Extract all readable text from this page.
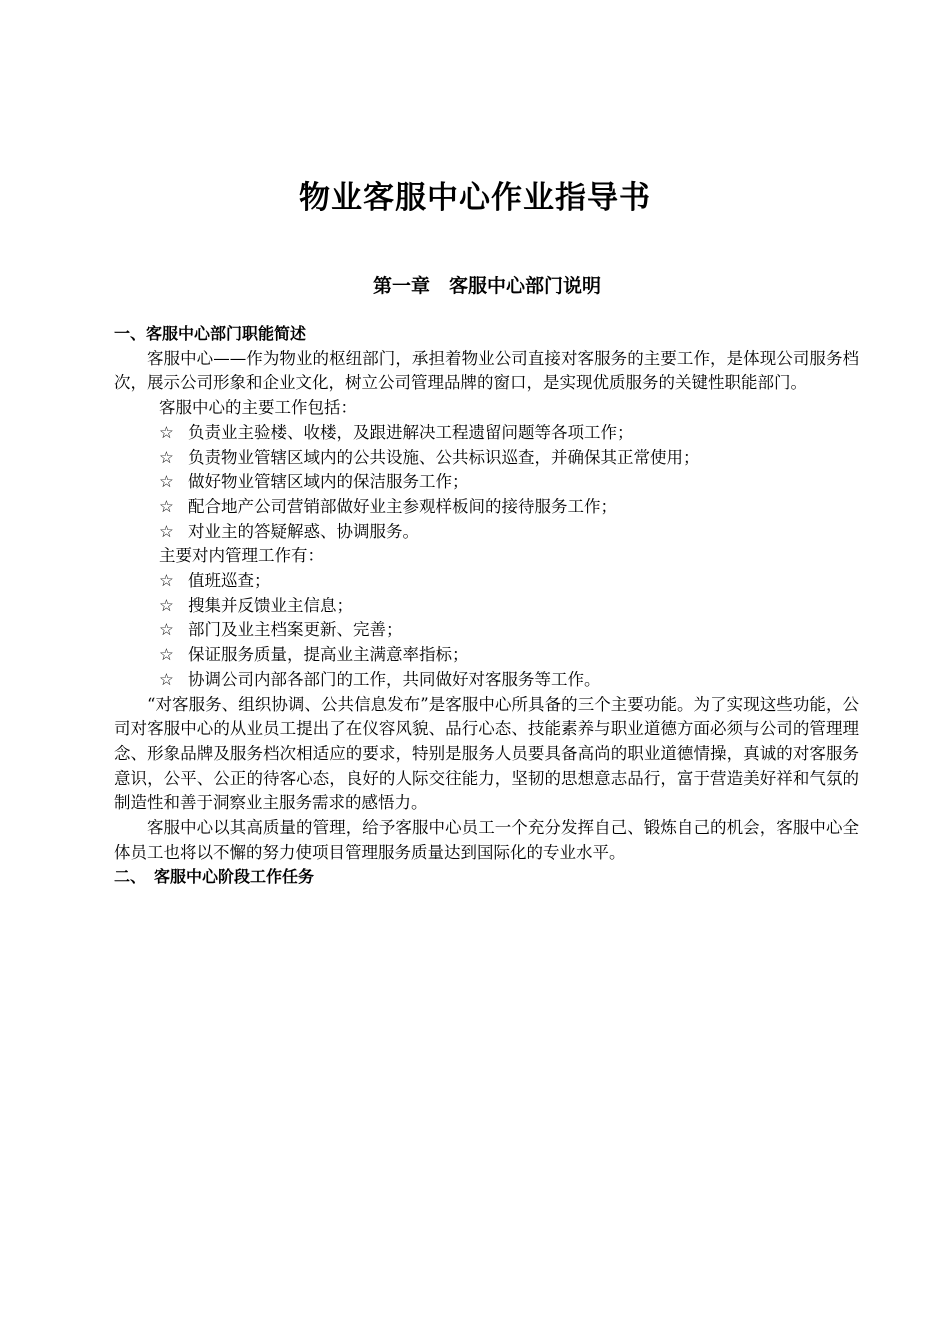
物业客服中心作业指导书
第一章　客服中心部门说明
一、客服中心部门职能简述
客服中心——作为物业的枢纽部门，承担着物业公司直接对客服务的主要工作，是体现公司服务档次，展示公司形象和企业文化，树立公司管理品牌的窗口，是实现优质服务的关键性职能部门。
客服中心的主要工作包括：
☆ 负责业主验楼、收楼，及跟进解决工程遗留问题等各项工作；
☆ 负责物业管辖区域内的公共设施、公共标识巡查，并确保其正常使用；
☆ 做好物业管辖区域内的保洁服务工作；
☆ 配合地产公司营销部做好业主参观样板间的接待服务工作；
☆ 对业主的答疑解惑、协调服务。
主要对内管理工作有：
☆ 值班巡查；
☆ 搜集并反馈业主信息；
☆ 部门及业主档案更新、完善；
☆ 保证服务质量，提高业主满意率指标；
☆ 协调公司内部各部门的工作，共同做好对客服务等工作。
“对客服务、组织协调、公共信息发布”是客服中心所具备的三个主要功能。为了实现这些功能，公司对客服中心的从业员工提出了在仪容风貌、品行心态、技能素养与职业道德方面必须与公司的管理理念、形象品牌及服务档次相适应的要求，特别是服务人员要具备高尚的职业道德情操，真诚的对客服务意识，公平、公正的待客心态，良好的人际交往能力，坚韧的思想意志品行，富于营造美好祥和气氛的制造性和善于洞察业主服务需求的感悟力。
客服中心以其高质量的管理，给予客服中心员工一个充分发挥自己、锻炼自己的机会，客服中心全体员工也将以不懈的努力使项目管理服务质量达到国际化的专业水平。
二、　客服中心阶段工作任务
